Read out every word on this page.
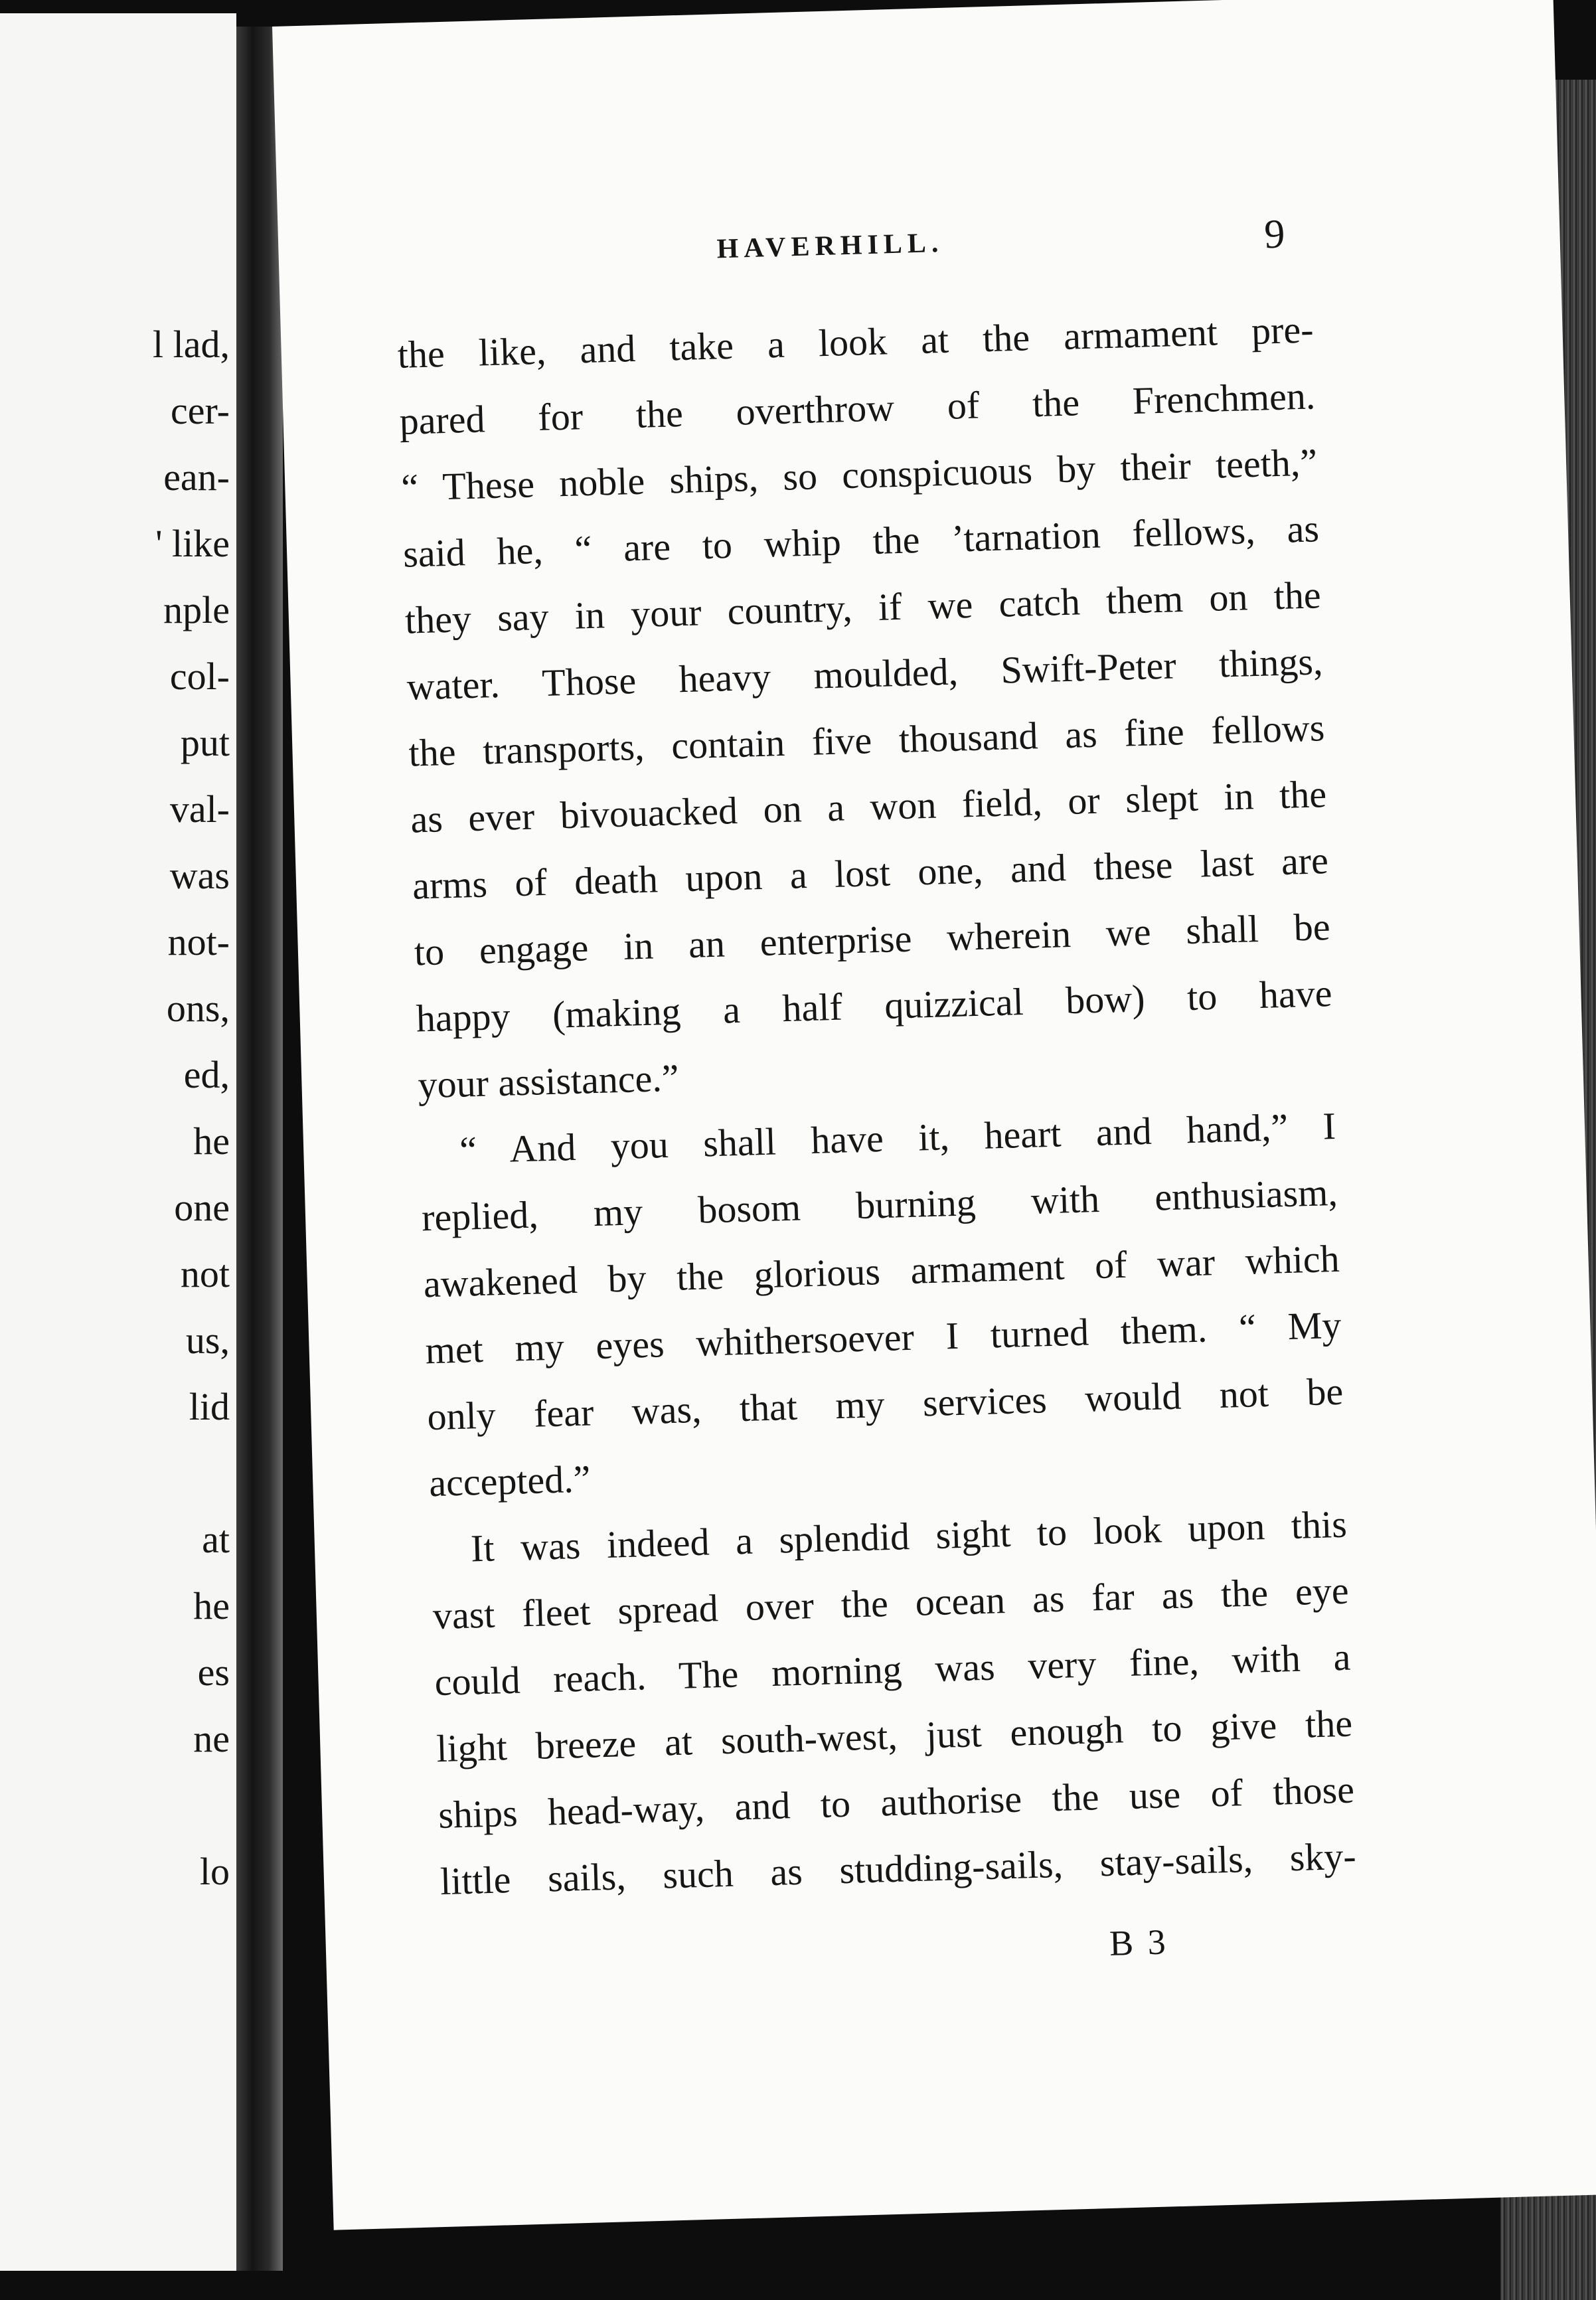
l lad,
cer-
ean-
' like
nple
col-
put
val-
was
not-
ons,
ed,
he
one
not
us,
lid
at
he
es
ne
lo
HAVERHILL.	9
the like, and take a look at the armament pre-
pared for the overthrow of the Frenchmen.
“ These noble ships, so conspicuous by their teeth,”
said he, “ are to whip the ’tarnation fellows, as
they say in your country, if we catch them on the
water. Those heavy moulded, Swift-Peter things,
the transports, contain five thousand as fine fellows
as ever bivouacked on a won field, or slept in the
arms of death upon a lost one, and these last are
to engage in an enterprise wherein we shall be
happy (making a half quizzical bow) to have
your assistance.”
“ And you shall have it, heart and hand,” I
replied, my bosom burning with enthusiasm,
awakened by the glorious armament of war which
met my eyes whithersoever I turned them. “ My
only fear was, that my services would not be
accepted.”
It was indeed a splendid sight to look upon this
vast fleet spread over the ocean as far as the eye
could reach. The morning was very fine, with a
light breeze at south-west, just enough to give the
ships head-way, and to authorise the use of those
little sails, such as studding-sails, stay-sails, sky-
B 3
